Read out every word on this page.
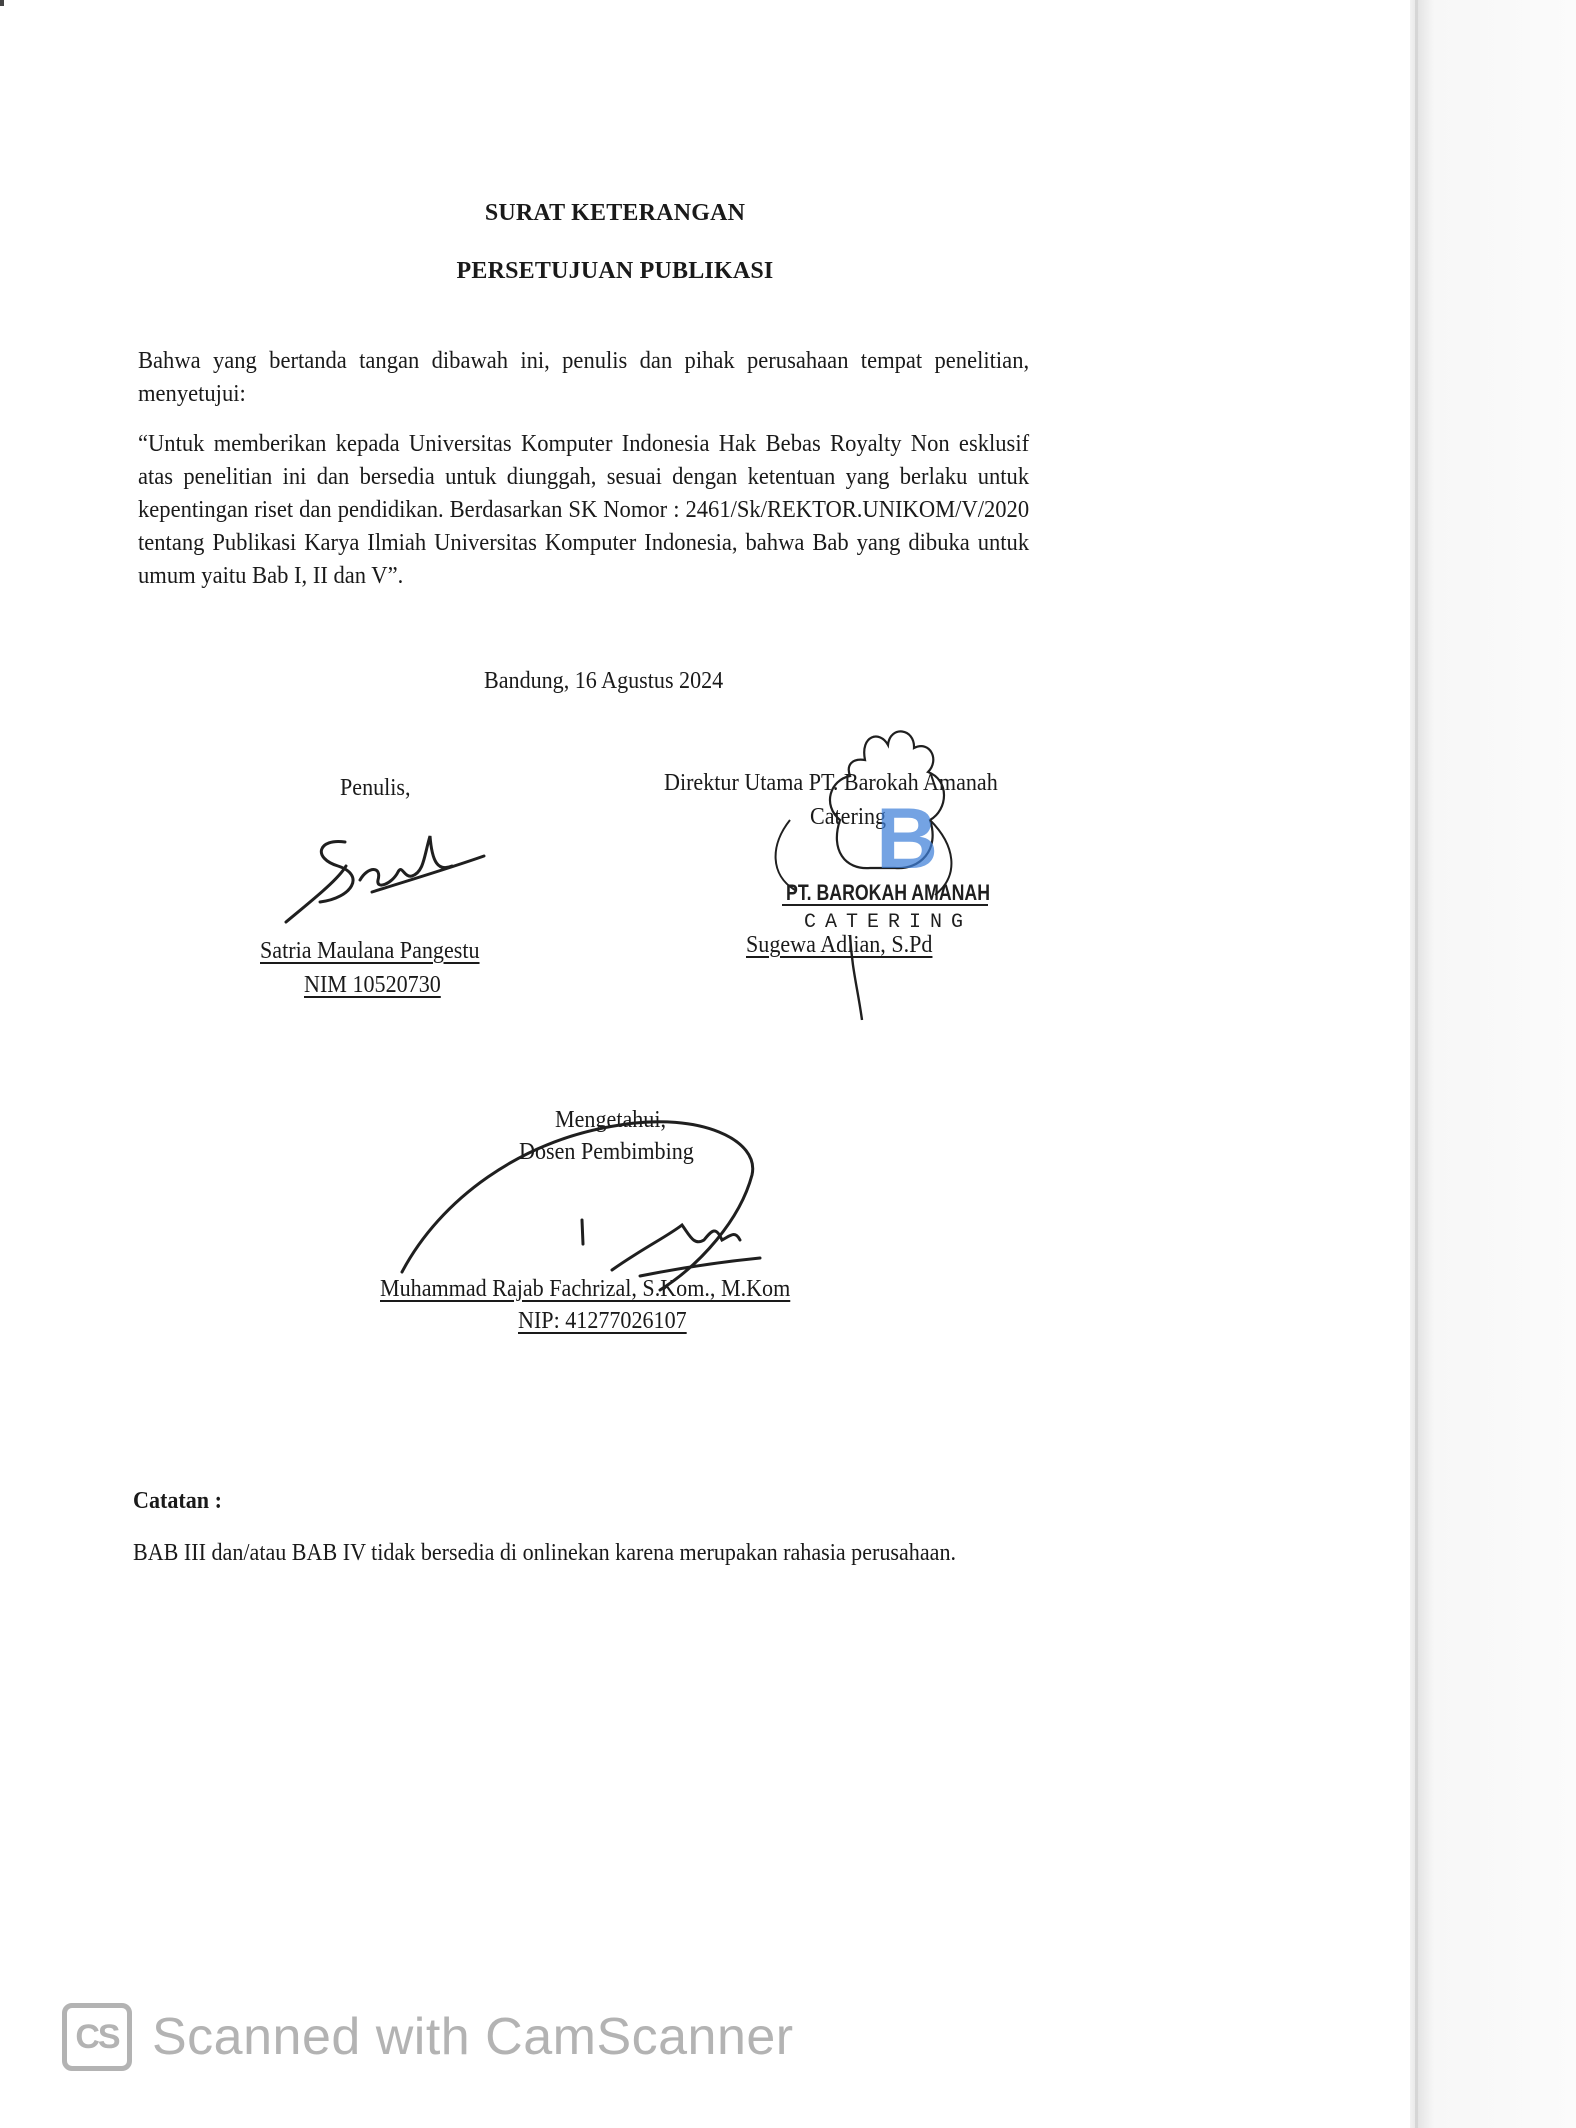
SURAT KETERANGAN
PERSETUJUAN PUBLIKASI
Bahwa yang bertanda tangan dibawah ini, penulis dan pihak perusahaan tempat penelitian, menyetujui:
“Untuk memberikan kepada Universitas Komputer Indonesia Hak Bebas Royalty Non esklusif atas penelitian ini dan bersedia untuk diunggah, sesuai dengan ketentuan yang berlaku untuk kepentingan riset dan pendidikan. Berdasarkan SK Nomor : 2461/Sk/REKTOR.UNIKOM/V/2020 tentang Publikasi Karya Ilmiah Universitas Komputer Indonesia, bahwa Bab yang dibuka untuk umum yaitu Bab I, II dan V”.
Bandung, 16 Agustus 2024
Penulis,
Satria Maulana Pangestu
NIM 10520730
Direktur Utama PT. Barokah Amanah
Catering
Sugewa Adlian, S.Pd
Mengetahui,
Dosen Pembimbing
Muhammad Rajab Fachrizal, S.Kom., M.Kom
NIP: 41277026107
Catatan :
BAB III dan/atau BAB IV tidak bersedia di onlinekan karena merupakan rahasia perusahaan.
B
PT. BAROKAH AMANAH
CATERING
CS Scanned with CamScanner
